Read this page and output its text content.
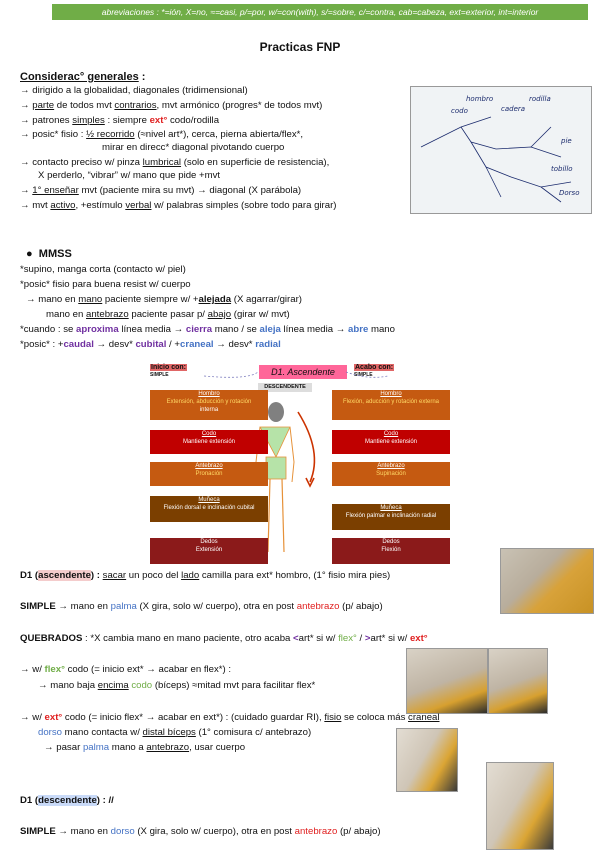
abreviaciones : *=ión, X=no, ≈=casi, p/=por, w/=con(with), s/=sobre, c/=contra, cab=cabeza, ext=exterior, int=interior
Practicas FNP
Considerac° generales :
→ dirigido a la globalidad, diagonales (tridimensional)
→ parte de todos mvt contrarios, mvt armónico (progres* de todos mvt)
→ patrones simples : siempre ext° codo/rodilla
→ posic* fisio : ½ recorrido (≈nivel art*), cerca, pierna abierta/flex*,
mirar en direcc* diagonal pivotando cuerpo
→ contacto preciso w/ pinza lumbrical (solo en superficie de resistencia),
X perderlo, “vibrar” w/ mano que pide +mvt
→ 1° enseñar mvt (paciente mira su mvt) → diagonal (X parábola)
→ mvt activo, +estímulo verbal w/ palabras simples (sobre todo para girar)
hombro
codo
rodilla
cadera
pie
tobillo
Dorso
● MMSS
*supino, manga corta (contacto w/ piel)
*posic* fisio para buena resist w/ cuerpo
→ mano en mano paciente siempre w/ +alejada (X agarrar/girar)
mano en antebrazo paciente pasar p/ abajo (girar w/ mvt)
*cuando : se aproxima línea media → cierra mano / se aleja línea media → abre mano
*posic* : +caudal → desv* cubital / +craneal → desv* radial
Inicio con:
SIMPLE	D1. Ascendente	Acabo con:
SIMPLE
DESCENDENTE
Hombro
Extensión, abducción y rotación
interna
Codo
Mantiene extensión
Antebrazo
Pronación
Muñeca
Flexión dorsal e inclinación cubital
Dedos
Extensión
Hombro
Flexión, aducción y rotación externa
Codo
Mantiene extensión
Antebrazo
Supinación
Muñeca
Flexión palmar e inclinación radial
Dedos
Flexión
D1 (ascendente) : sacar un poco del lado camilla para ext* hombro, (1° fisio mira pies)
SIMPLE → mano en palma (X gira, solo w/ cuerpo), otra en post antebrazo (p/ abajo)
QUEBRADOS : *X cambia mano en mano paciente, otro acaba <art* si w/ flex° / >art* si w/ ext°
→ w/ flex° codo (= inicio ext* → acabar en flex*) :
→ mano baja encima codo (bíceps) ≈mitad mvt para facilitar flex*
→ w/ ext° codo (= inicio flex* → acabar en ext*) : (cuidado guardar RI), fisio se coloca más craneal
dorso mano contacta w/ distal bíceps (1° comisura c/ antebrazo)
→ pasar palma mano a antebrazo, usar cuerpo
D1 (descendente) : //
SIMPLE → mano en dorso (X gira, solo w/ cuerpo), otra en post antebrazo (p/ abajo)
